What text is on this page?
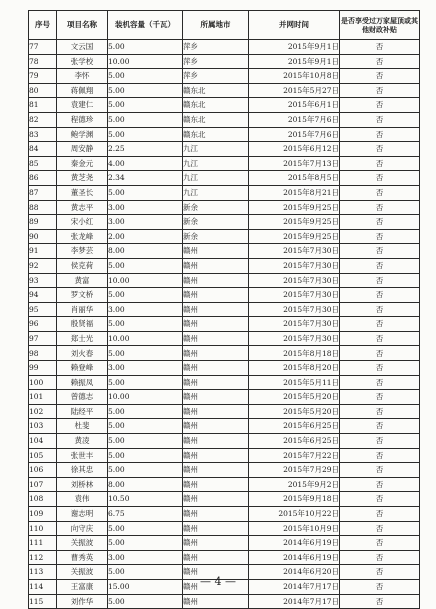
序号	项目名称	装机容量（千瓦）	所属地市	并网时间	是否享受过万家屋顶或其他财政补贴
77	文云国	5.00	萍乡	2015年9月1日	否
78	张学校	10.00	萍乡	2015年9月1日	否
79	李怀	5.00	萍乡	2015年10月8日	否
80	蒋佩翔	5.00	赣东北	2015年5月27日	否
81	袁建仁	5.00	赣东北	2015年6月1日	否
82	程德珍	5.00	赣东北	2015年7月6日	否
83	鲍学渊	5.00	赣东北	2015年7月6日	否
84	周安静	2.25	九江	2015年6月12日	否
85	秦金元	4.00	九江	2015年7月13日	否
86	黄芝尧	2.34	九江	2015年8月5日	否
87	董圣长	5.00	九江	2015年8月21日	否
88	黄志平	3.00	新余	2015年9月25日	否
89	宋小红	3.00	新余	2015年9月25日	否
90	张龙峰	2.00	新余	2015年9月25日	否
91	李梦芸	8.00	赣州	2015年7月30日	否
92	侯克荷	5.00	赣州	2015年7月30日	否
93	黄富	10.00	赣州	2015年7月30日	否
94	罗文桥	5.00	赣州	2015年7月30日	否
95	肖丽华	3.00	赣州	2015年7月30日	否
96	殷贤福	5.00	赣州	2015年7月30日	否
97	郑士光	10.00	赣州	2015年7月30日	否
98	刘火春	5.00	赣州	2015年8月18日	否
99	赖登峰	3.00	赣州	2015年8月20日	否
100	赖振凤	5.00	赣州	2015年5月11日	否
101	曾德志	10.00	赣州	2015年5月20日	否
102	陆经平	5.00	赣州	2015年5月20日	否
103	杜斐	5.00	赣州	2015年6月25日	否
104	黄凌	5.00	赣州	2015年6月25日	否
105	张世丰	5.00	赣州	2015年7月22日	否
106	徐其忠	5.00	赣州	2015年7月29日	否
107	刘桥林	8.00	赣州	2015年9月2日	否
108	袁伟	10.50	赣州	2015年9月18日	否
109	谢志明	6.75	赣州	2015年10月22日	否
110	向守庆	5.00	赣州	2015年10月9日	否
111	关振波	5.00	赣州	2014年6月19日	否
112	曹秀英	3.00	赣州	2014年6月19日	否
113	关振波	5.00	赣州	2014年6月20日	否
114	王富康	15.00	赣州	2014年7月17日	否
115	刘作华	5.00	赣州	2014年7月17日	否
— 4 —
